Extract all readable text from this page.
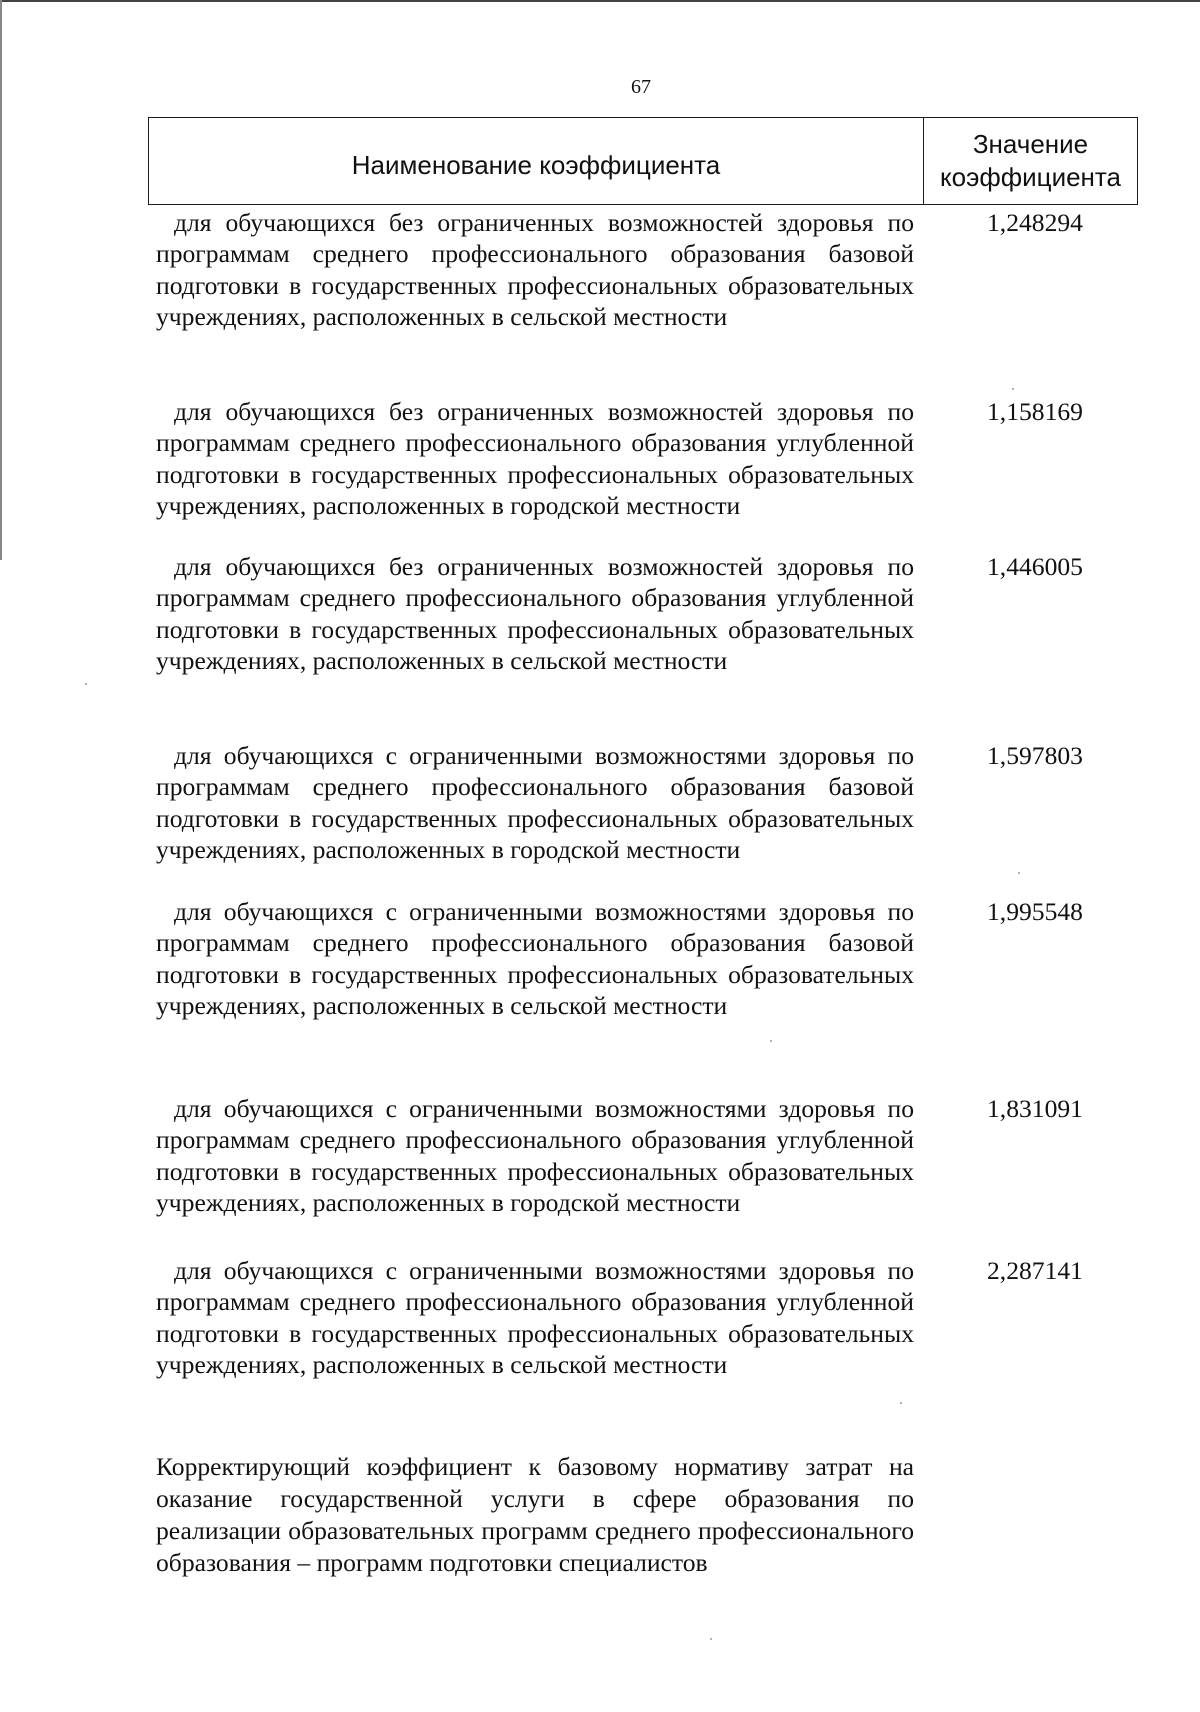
67
Наименование коэффициента
Значение
коэффициента
для обучающихся без ограниченных возможностей здоровья по программам среднего профессионального образования базовой подготовки в государственных профессиональных образовательных учреждениях, расположенных в сельской местности
1,248294
для обучающихся без ограниченных возможностей здоровья по программам среднего профессионального образования углубленной подготовки в государственных профессиональных образовательных учреждениях, расположенных в городской местности
1,158169
для обучающихся без ограниченных возможностей здоровья по программам среднего профессионального образования углубленной подготовки в государственных профессиональных образовательных учреждениях, расположенных в сельской местности
1,446005
для обучающихся с ограниченными возможностями здоровья по программам среднего профессионального образования базовой подготовки в государственных профессиональных образовательных учреждениях, расположенных в городской местности
1,597803
для обучающихся с ограниченными возможностями здоровья по программам среднего профессионального образования базовой подготовки в государственных профессиональных образовательных учреждениях, расположенных в сельской местности
1,995548
для обучающихся с ограниченными возможностями здоровья по программам среднего профессионального образования углубленной подготовки в государственных профессиональных образовательных учреждениях, расположенных в городской местности
1,831091
для обучающихся с ограниченными возможностями здоровья по программам среднего профессионального образования углубленной подготовки в государственных профессиональных образовательных учреждениях, расположенных в сельской местности
2,287141
Корректирующий коэффициент к базовому нормативу затрат на оказание государственной услуги в сфере образования по реализации образовательных программ среднего профессионального образования – программ подготовки специалистов
